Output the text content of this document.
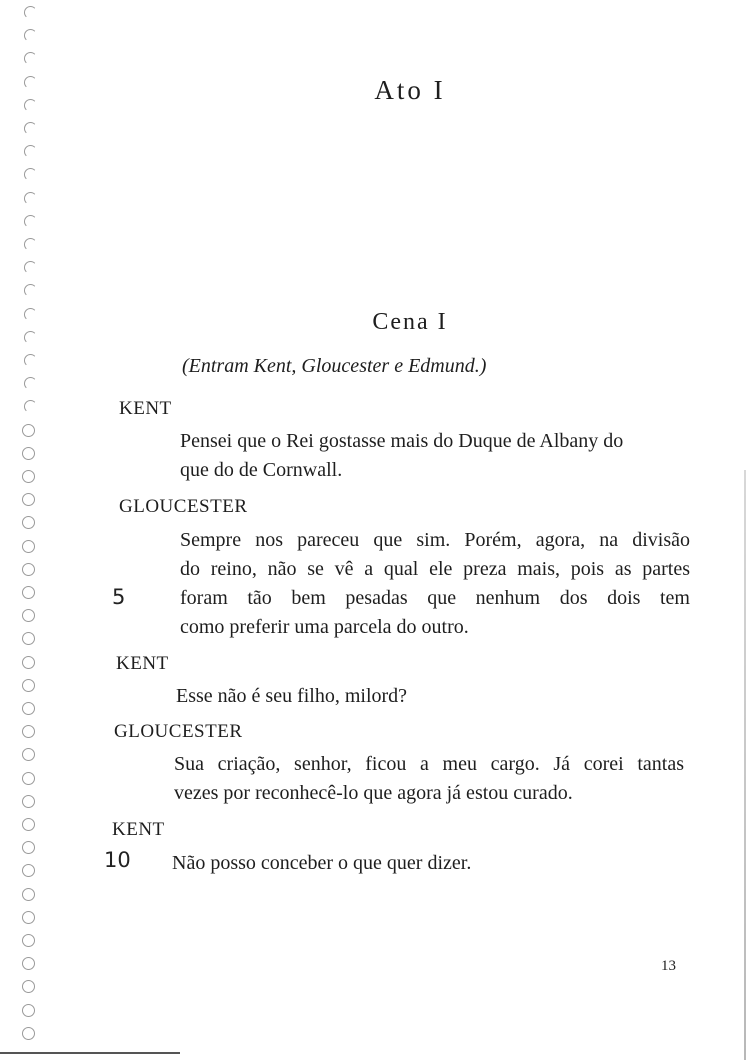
Ato I
Cena I
(Entram Kent, Gloucester e Edmund.)
KENT
Pensei que o Rei gostasse mais do Duque de Albany do
que do de Cornwall.
GLOUCESTER
Sempre nos pareceu que sim. Porém, agora, na divisão
do reino, não se vê a qual ele preza mais, pois as partes
foram tão bem pesadas que nenhum dos dois tem
como preferir uma parcela do outro.
5
KENT
Esse não é seu filho, milord?
GLOUCESTER
Sua criação, senhor, ficou a meu cargo. Já corei tantas
vezes por reconhecê-lo que agora já estou curado.
KENT
Não posso conceber o que quer dizer.
10
13
